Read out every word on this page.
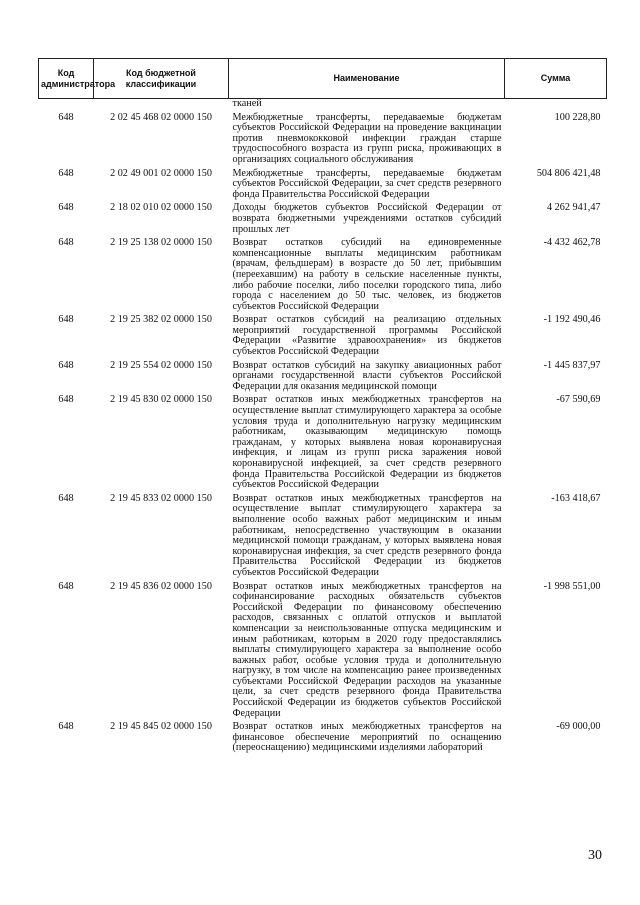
Код администратора	Код бюджетной классификации	Наименование	Сумма
		тканей	
648	2 02 45 468 02 0000 150	Межбюджетные трансферты, передаваемые бюджетам субъектов Российской Федерации на проведение вакцинации против пневмококковой инфекции граждан старше трудоспособного возраста из групп риска, проживающих в организациях социального обслуживания	100 228,80
648	2 02 49 001 02 0000 150	Межбюджетные трансферты, передаваемые бюджетам субъектов Российской Федерации, за счет средств резервного фонда Правительства Российской Федерации	504 806 421,48
648	2 18 02 010 02 0000 150	Доходы бюджетов субъектов Российской Федерации от возврата бюджетными учреждениями остатков субсидий прошлых лет	4 262 941,47
648	2 19 25 138 02 0000 150	Возврат остатков субсидий на единовременные компенсационные выплаты медицинским работникам (врачам, фельдшерам) в возрасте до 50 лет, прибывшим (переехавшим) на работу в сельские населенные пункты, либо рабочие поселки, либо поселки городского типа, либо города с населением до 50 тыс. человек, из бюджетов субъектов Российской Федерации	-4 432 462,78
648	2 19 25 382 02 0000 150	Возврат остатков субсидий на реализацию отдельных мероприятий государственной программы Российской Федерации «Развитие здравоохранения» из бюджетов субъектов Российской Федерации	-1 192 490,46
648	2 19 25 554 02 0000 150	Возврат остатков субсидий на закупку авиационных работ органами государственной власти субъектов Российской Федерации для оказания медицинской помощи	-1 445 837,97
648	2 19 45 830 02 0000 150	Возврат остатков иных межбюджетных трансфертов на осуществление выплат стимулирующего характера за особые условия труда и дополнительную нагрузку медицинским работникам, оказывающим медицинскую помощь гражданам, у которых выявлена новая коронавирусная инфекция, и лицам из групп риска заражения новой коронавирусной инфекцией, за счет средств резервного фонда Правительства Российской Федерации из бюджетов субъектов Российской Федерации	-67 590,69
648	2 19 45 833 02 0000 150	Возврат остатков иных межбюджетных трансфертов на осуществление выплат стимулирующего характера за выполнение особо важных работ медицинским и иным работникам, непосредственно участвующим в оказании медицинской помощи гражданам, у которых выявлена новая коронавирусная инфекция, за счет средств резервного фонда Правительства Российской Федерации из бюджетов субъектов Российской Федерации	-163 418,67
648	2 19 45 836 02 0000 150	Возврат остатков иных межбюджетных трансфертов на софинансирование расходных обязательств субъектов Российской Федерации по финансовому обеспечению расходов, связанных с оплатой отпусков и выплатой компенсации за неиспользованные отпуска медицинским и иным работникам, которым в 2020 году предоставлялись выплаты стимулирующего характера за выполнение особо важных работ, особые условия труда и дополнительную нагрузку, в том числе на компенсацию ранее произведенных субъектами Российской Федерации расходов на указанные цели, за счет средств резервного фонда Правительства Российской Федерации из бюджетов субъектов Российской Федерации	-1 998 551,00
648	2 19 45 845 02 0000 150	Возврат остатков иных межбюджетных трансфертов на финансовое обеспечение мероприятий по оснащению (переоснащению) медицинскими изделиями лабораторий	-69 000,00
30
